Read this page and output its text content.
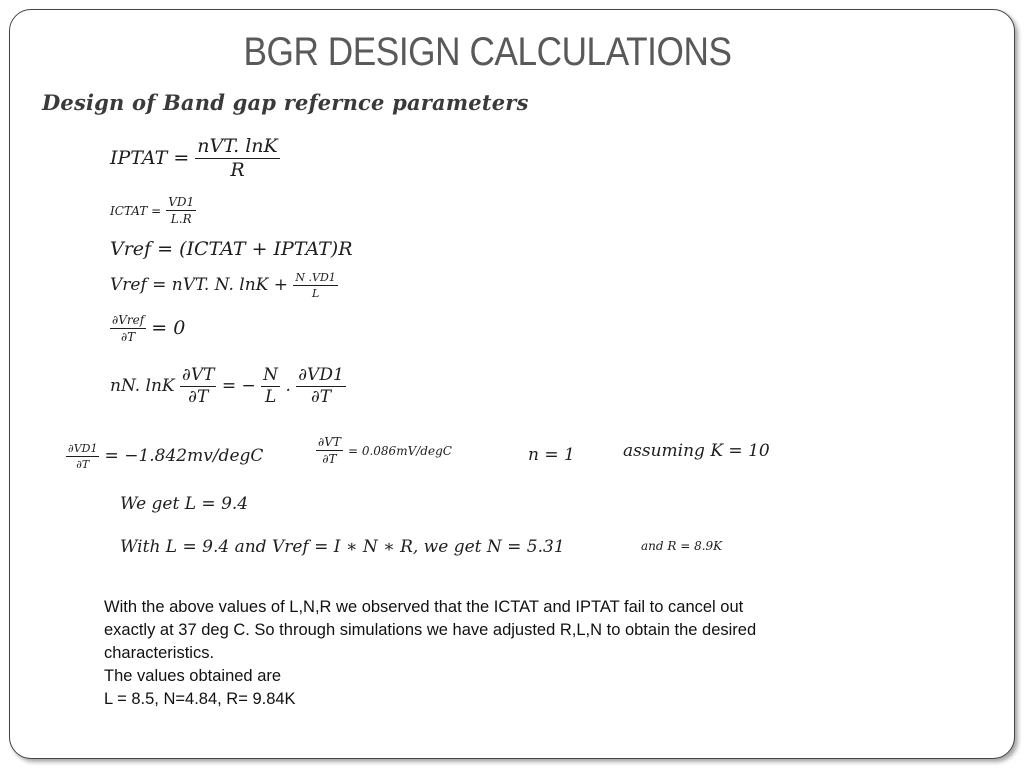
BGR DESIGN CALCULATIONS
Design of Band gap refernce parameters
IPTAT = $\frac{\text{nVT. lnK}}{R}$
ICTAT = $\frac{VD1}{L.R}$
Vref = (ICTAT + IPTAT)R
Vref = nVT. N. $\ln K + \frac{N .VD1}{L}$
$\frac{\text{∂Vref}}{\partial T} = 0$
nN. lnK $\frac{\partial VT}{\partial T}$ = − $\frac{N}{L}$ . $\frac{\partial VD1}{\partial T}$
$\frac{\partial VD1}{\partial T}$ = −1.842mv/degC	$\frac{\partial VT}{\partial T}$ = 0.086mV/degC	n = 1	assuming K = 10
We get L = 9.4
With L = 9.4 and Vref = I ∗ N ∗ R, we get N = 5.31	and R = 8.9K
With the above values of L,N,R we observed that the ICTAT and IPTAT fail to cancel out
exactly at 37 deg C. So through simulations we have adjusted R,L,N to obtain the desired
characteristics.
The values obtained are
L = 8.5, N=4.84, R= 9.84K
